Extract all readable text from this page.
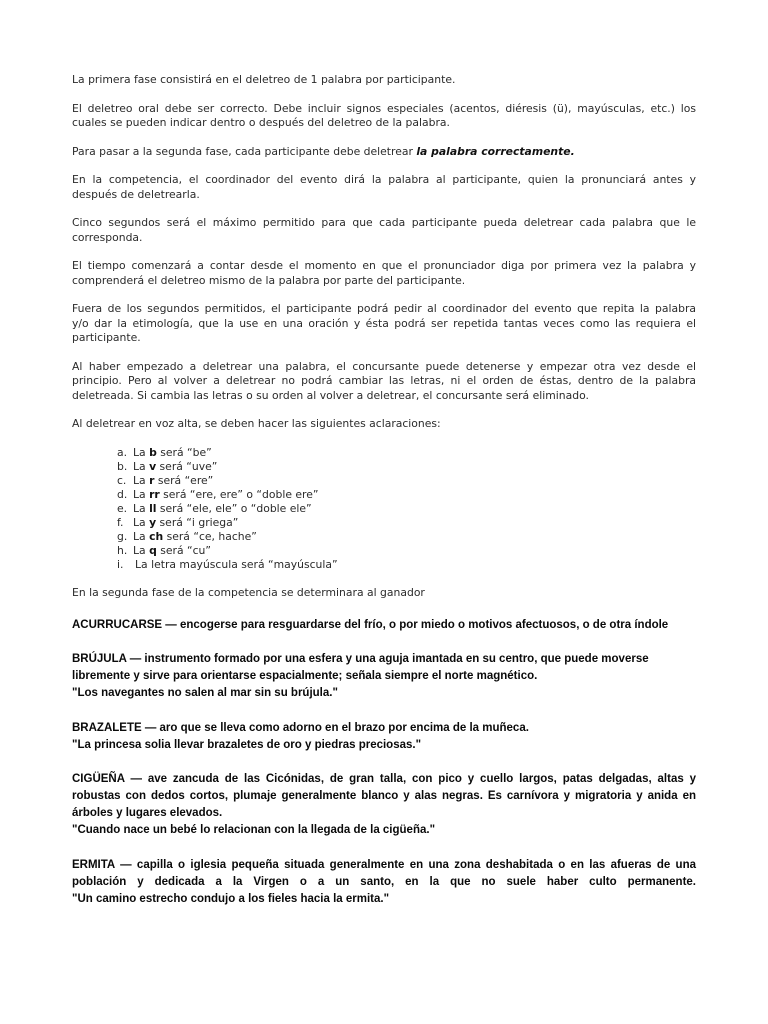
La primera fase consistirá en el deletreo de 1 palabra por participante.
El deletreo oral debe ser correcto. Debe incluir signos especiales (acentos, diéresis (ü), mayúsculas, etc.) los
cuales se pueden indicar dentro o después del deletreo de la palabra.
Para pasar a la segunda fase, cada participante debe deletrear la palabra correctamente.
En la competencia, el coordinador del evento dirá la palabra al participante, quien la pronunciará antes y
después de deletrearla.
Cinco segundos será el máximo permitido para que cada participante pueda deletrear cada palabra que le
corresponda.
El tiempo comenzará a contar desde el momento en que el pronunciador diga por primera vez la palabra y
comprenderá el deletreo mismo de la palabra por parte del participante.
Fuera de los segundos permitidos, el participante podrá pedir al coordinador del evento que repita la palabra
y/o dar la etimología, que la use en una oración y ésta podrá ser repetida tantas veces como las requiera el
participante.
Al haber empezado a deletrear una palabra, el concursante puede detenerse y empezar otra vez desde el
principio. Pero al volver a deletrear no podrá cambiar las letras, ni el orden de éstas, dentro de la palabra
deletreada. Si cambia las letras o su orden al volver a deletrear, el concursante será eliminado.
Al deletrear en voz alta, se deben hacer las siguientes aclaraciones:
a. La b será “be”
b. La v será “uve”
c. La r será “ere”
d. La rr será “ere, ere” o “doble ere”
e. La ll será “ele, ele” o “doble ele”
f. La y será “i griega”
g. La ch será “ce, hache”
h. La q será “cu”
i. La letra mayúscula será “mayúscula”
En la segunda fase de la competencia se determinara al ganador
ACURRUCARSE — encogerse para resguardarse del frío, o por miedo o motivos afectuosos, o de otra índole
BRÚJULA — instrumento formado por una esfera y una aguja imantada en su centro, que puede moverse
libremente y sirve para orientarse espacialmente; señala siempre el norte magnético.
"Los navegantes no salen al mar sin su brújula."
BRAZALETE — aro que se lleva como adorno en el brazo por encima de la muñeca.
"La princesa solia llevar brazaletes de oro y piedras preciosas."
CIGÜEÑA — ave zancuda de las Cicónidas, de gran talla, con pico y cuello largos, patas delgadas, altas y
robustas con dedos cortos, plumaje generalmente blanco y alas negras. Es carnívora y migratoria y anida en
árboles y lugares elevados.
"Cuando nace un bebé lo relacionan con la llegada de la cigüeña."
ERMITA — capilla o iglesia pequeña situada generalmente en una zona deshabitada o en las afueras de una
población y dedicada a la Virgen o a un santo, en la que no suele haber culto permanente.
"Un camino estrecho condujo a los fieles hacia la ermita."
